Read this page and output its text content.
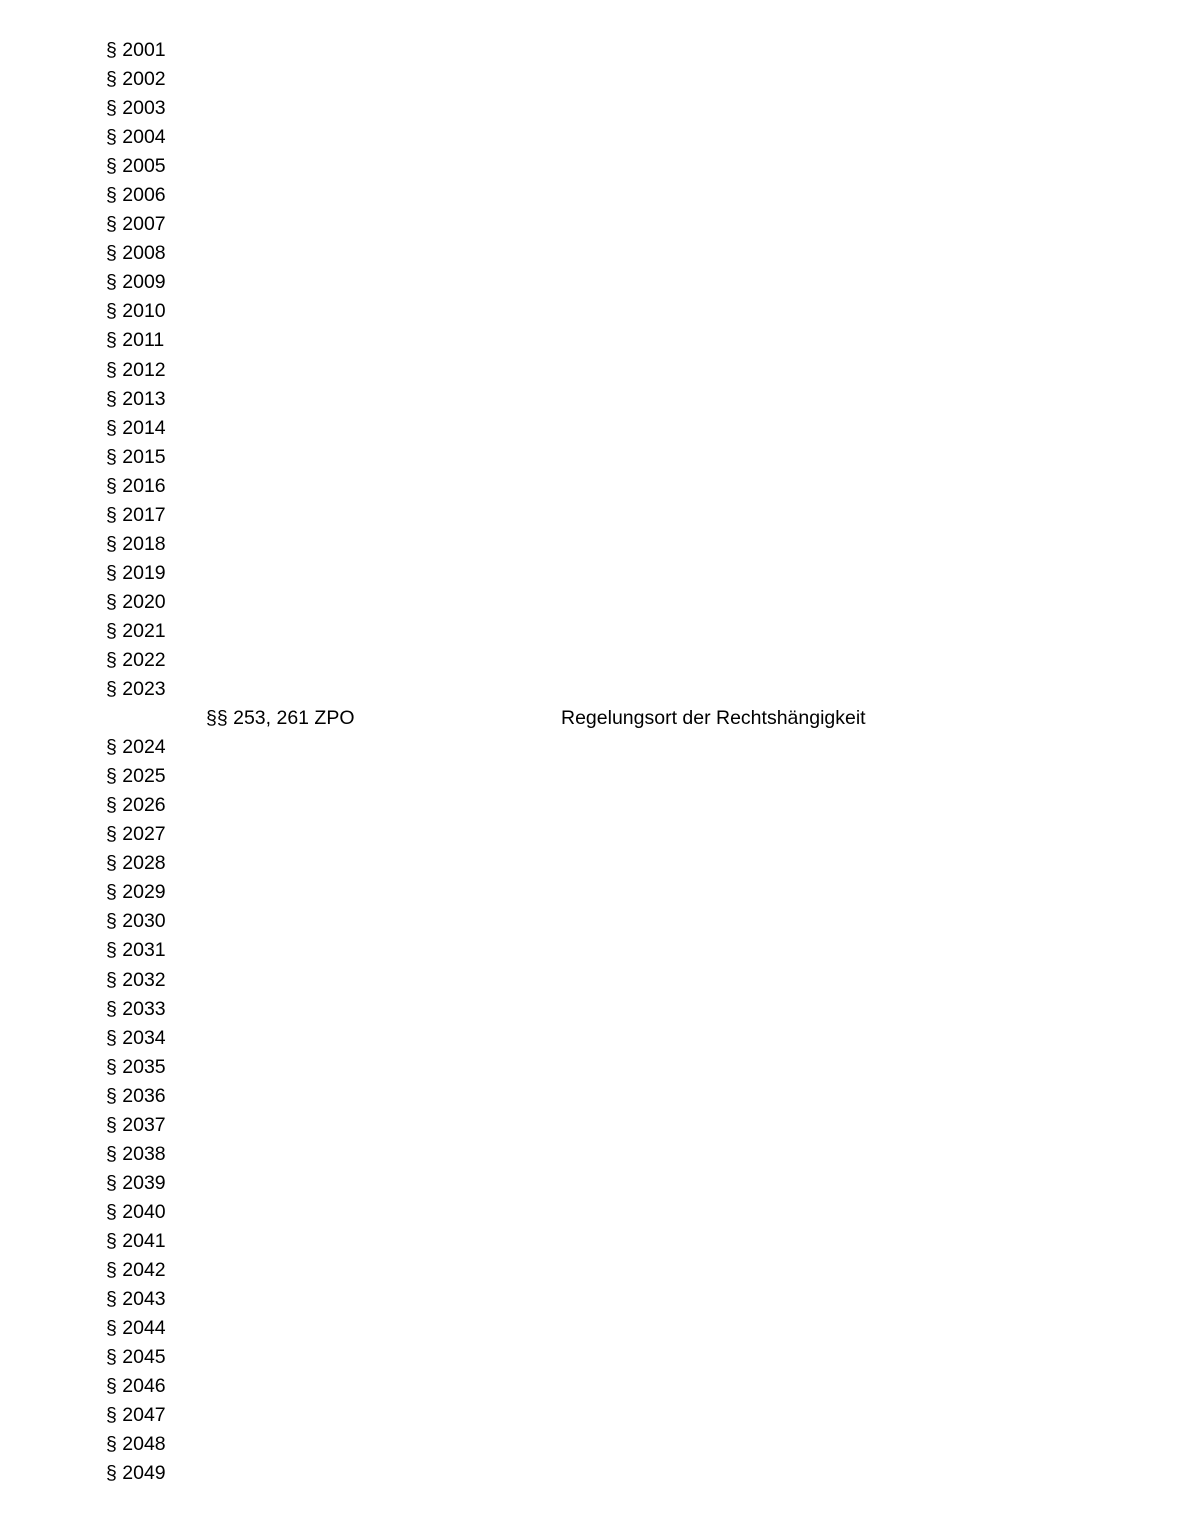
§ 2001
§ 2002
§ 2003
§ 2004
§ 2005
§ 2006
§ 2007
§ 2008
§ 2009
§ 2010
§ 2011
§ 2012
§ 2013
§ 2014
§ 2015
§ 2016
§ 2017
§ 2018
§ 2019
§ 2020
§ 2021
§ 2022
§ 2023
§§ 253, 261 ZPO	Regelungsort der Rechtshängigkeit
§ 2024
§ 2025
§ 2026
§ 2027
§ 2028
§ 2029
§ 2030
§ 2031
§ 2032
§ 2033
§ 2034
§ 2035
§ 2036
§ 2037
§ 2038
§ 2039
§ 2040
§ 2041
§ 2042
§ 2043
§ 2044
§ 2045
§ 2046
§ 2047
§ 2048
§ 2049
